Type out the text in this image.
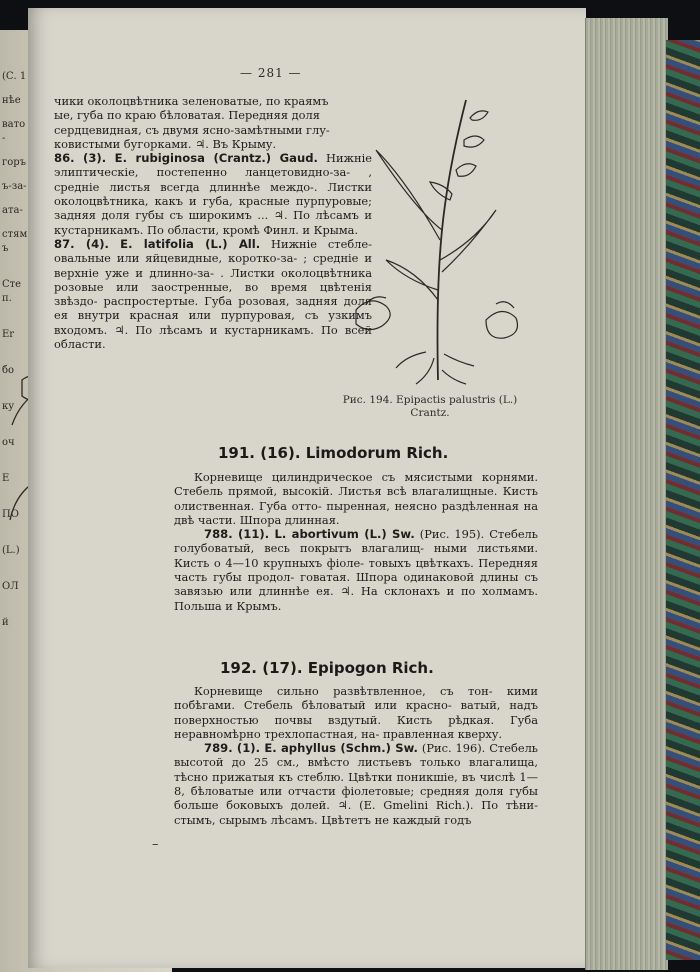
(С. 1
нѣе
вато-
горъ
ъ-за-
ата-
стямъ
Степ.
Er
бо
ку
оч
Е
ПО
(L.)
ОЛ
й
— 281 —

чики околоцвѣтника зеленоватые, по краямъ

ые, губа по краю бѣловатая. Передняя доля

сердцевидная, съ двумя ясно-замѣтными глу-

ковистыми бугорками. ♃. Въ Крыму.

86. (3). E. rubiginosa (Crantz.) Gaud. Нижніе элиптическіе, постепенно ланцетовидно-за- , средніе листья всегда длиннѣе междо-. Листки околоцвѣтника, какъ и губа, красные пурпуровые; задняя доля губы съ широкимъ ... ♃. По лѣсамъ и кустарникамъ. По области, кромѣ Финл. и Крыма.

87. (4). E. latifolia (L.) All. Нижніе стебле- овальные или яйцевидные, коротко-за- ; средніе и верхніе уже и длинно-за- . Листки околоцвѣтника розовые или заостренные, во время цвѣтенія звѣздо- распростертые. Губа розовая, задняя доля ея внутри красная или пурпуровая, съ узкимъ входомъ. ♃. По лѣсамъ и кустарникамъ. По всей области.

Рис. 194. Epipactis palustris (L.) Crantz.
191. (16). Limodorum Rich.

Корневище цилиндрическое съ мясистыми корнями. Стебель прямой, высокій. Листья всѣ влагалищные. Кисть олиственная. Губа отто- пыренная, неясно раздѣленная на двѣ части. Шпора длинная.

788. (11). L. abortivum (L.) Sw. (Рис. 195). Стебель голубоватый, весь покрытъ влагалищ- ными листьями. Кисть о 4—10 крупныхъ фіоле- товыхъ цвѣткахъ. Передняя часть губы продол- говатая. Шпора одинаковой длины съ завязью или длиннѣе ея. ♃. На склонахъ и по холмамъ. Польша и Крымъ.

192. (17). Epipogon Rich.

Корневище сильно развѣтвленное, съ тон- кими побѣгами. Стебель бѣловатый или красно- ватый, надъ поверхностью почвы вздутый. Кисть рѣдкая. Губа неравномѣрно трехлопастная, на- правленная кверху.

789. (1). E. aphyllus (Schm.) Sw. (Рис. 196). Стебель высотой до 25 см., вмѣсто листьевъ только влагалища, тѣсно прижатыя къ стеблю. Цвѣтки поникшіе, въ числѣ 1—8, бѣловатые или отчасти фіолетовые; средняя доля губы больше боковыхъ долей. ♃. (E. Gmelini Rich.). По тѣни- стымъ, сырымъ лѣсамъ. Цвѣтетъ не каждый годъ

–
